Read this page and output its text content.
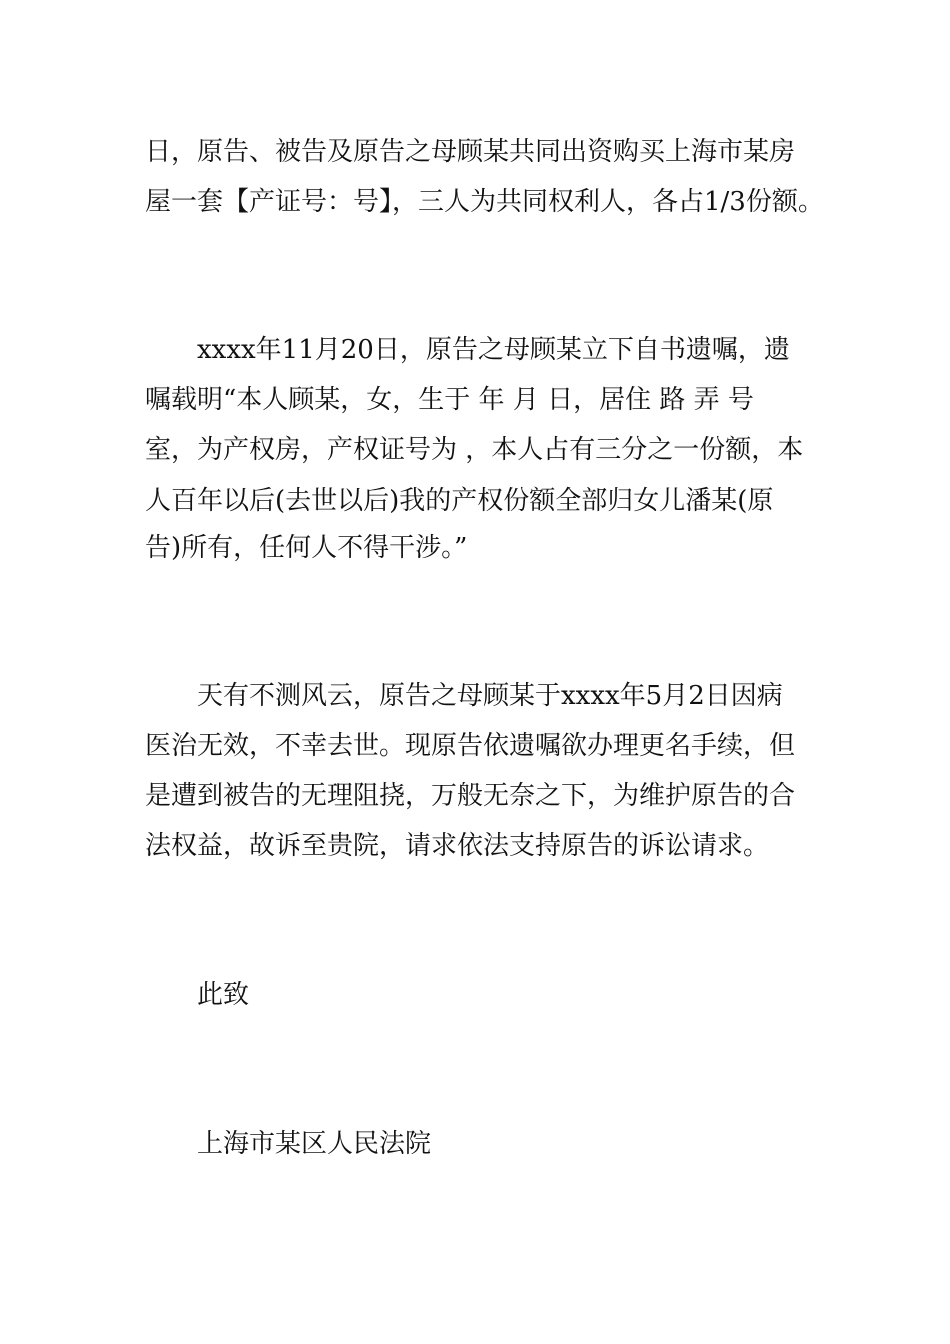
日，原告、被告及原告之母顾某共同出资购买上海市某房
屋一套【产证号：号】，三人为共同权利人，各占1/3份额。
xxxx年11月20日，原告之母顾某立下自书遗嘱，遗
嘱载明“本人顾某，女，生于 年 月 日，居住 路 弄 号
室，为产权房，产权证号为 ，本人占有三分之一份额，本
人百年以后(去世以后)我的产权份额全部归女儿潘某(原
告)所有，任何人不得干涉。”
天有不测风云，原告之母顾某于xxxx年5月2日因病
医治无效，不幸去世。现原告依遗嘱欲办理更名手续，但
是遭到被告的无理阻挠，万般无奈之下，为维护原告的合
法权益，故诉至贵院，请求依法支持原告的诉讼请求。
此致
上海市某区人民法院
